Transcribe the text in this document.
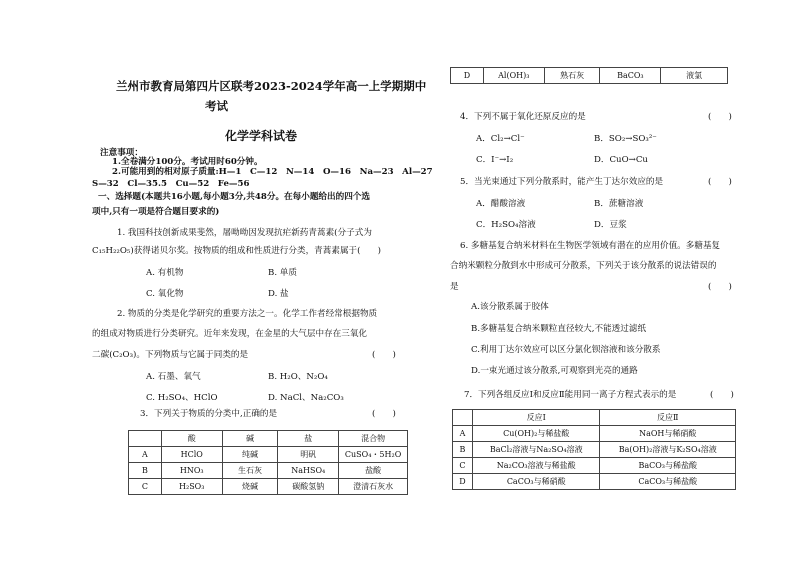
兰州市教育局第四片区联考2023-2024学年高一上学期期中
考试
化学学科试卷
注意事项：
1.全卷满分100分。考试用时60分钟。
2.可能用到的相对原子质量:H—1　C—12　N—14　O—16　Na—23　Al—27
S—32　Cl—35.5　Cu—52　Fe—56
一、选择题(本题共16小题,每小题3分,共48分。在每小题给出的四个选
项中,只有一项是符合题目要求的)
1. 我国科技创新成果斐然，屠呦呦因发现抗疟新药青蒿素(分子式为
C₁₅H₂₂O₅)获得诺贝尔奖。按物质的组成和性质进行分类，青蒿素属于(　　)
A. 有机物	B. 单质
C. 氧化物	D. 盐
2. 物质的分类是化学研究的重要方法之一。化学工作者经常根据物质
的组成对物质进行分类研究。近年来发现，在金星的大气层中存在三氧化
二碳(C₂O₃)。下列物质与它属于同类的是	(　　)
A. 石墨、氧气	B. H₂O、N₂O₄
C. H₂SO₄、HClO	D. NaCl、Na₂CO₃
3．下列关于物质的分类中,正确的是	(　　)
	酸	碱	盐	混合物
A	HClO	纯碱	明矾	CuSO₄・5H₂O
B	HNO₃	生石灰	NaHSO₄	盐酸
C	H₂SO₃	烧碱	碳酸氢钠	澄清石灰水
D	Al(OH)₃	熟石灰	BaCO₃	液氯
4．下列不属于氧化还原反应的是	(　　)
A．Cl₂→Cl⁻	B．SO₂→SO₃²⁻
C．I⁻→I₂	D．CuO→Cu
5．当光束通过下列分散系时，能产生丁达尔效应的是	(　　)
A．醋酸溶液	B．蔗糖溶液
C．H₂SO₄溶液	D．豆浆
6. 多糖基复合纳米材料在生物医学领域有潜在的应用价值。多糖基复
合纳米颗粒分散到水中形成可分散系，下列关于该分散系的说法错误的
是	(　　)
A.该分散系属于胶体
B.多糖基复合纳米颗粒直径较大,不能透过滤纸
C.利用丁达尔效应可以区分氯化钡溶液和该分散系
D.一束光通过该分散系,可观察到光亮的通路
7．下列各组反应Ⅰ和反应Ⅱ能用同一离子方程式表示的是	(　　)
	反应Ⅰ	反应Ⅱ
A	Cu(OH)₂与稀盐酸	NaOH与稀硝酸
B	BaCl₂溶液与Na₂SO₄溶液	Ba(OH)₂溶液与K₂SO₄溶液
C	Na₂CO₃溶液与稀盐酸	BaCO₃与稀盐酸
D	CaCO₃与稀硝酸	CaCO₃与稀盐酸
